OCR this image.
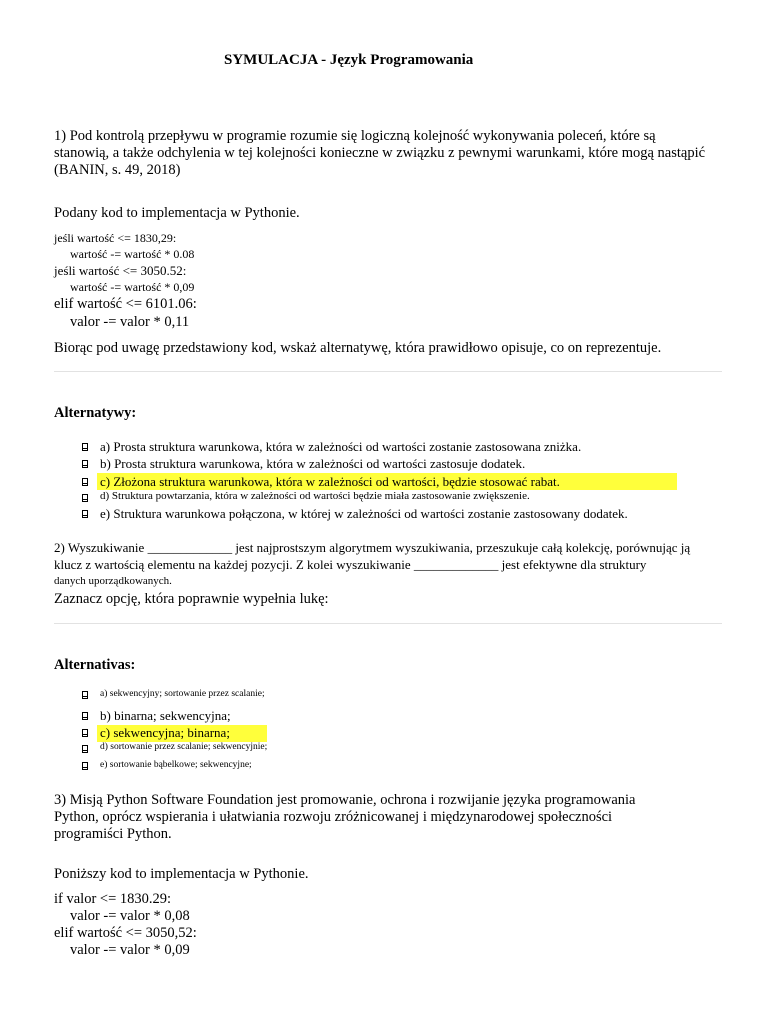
SYMULACJA - Język Programowania
1) Pod kontrolą przepływu w programie rozumie się logiczną kolejność wykonywania poleceń, które są
stanowią, a także odchylenia w tej kolejności konieczne w związku z pewnymi warunkami, które mogą nastąpić
(BANIN, s. 49, 2018)
Podany kod to implementacja w Pythonie.
jeśli wartość <= 1830,29:
wartość -= wartość * 0.08
jeśli wartość <= 3050.52:
wartość -= wartość * 0,09
elif wartość <= 6101.06:
valor -= valor * 0,11
Biorąc pod uwagę przedstawiony kod, wskaż alternatywę, która prawidłowo opisuje, co on reprezentuje.
Alternatywy:
a) Prosta struktura warunkowa, która w zależności od wartości zostanie zastosowana zniżka.
b) Prosta struktura warunkowa, która w zależności od wartości zastosuje dodatek.
c) Złożona struktura warunkowa, która w zależności od wartości, będzie stosować rabat.
d) Struktura powtarzania, która w zależności od wartości będzie miała zastosowanie zwiększenie.
e) Struktura warunkowa połączona, w której w zależności od wartości zostanie zastosowany dodatek.
2) Wyszukiwanie _____________ jest najprostszym algorytmem wyszukiwania, przeszukuje całą kolekcję, porównując ją
klucz z wartością elementu na każdej pozycji. Z kolei wyszukiwanie _____________ jest efektywne dla struktury
danych uporządkowanych.
Zaznacz opcję, która poprawnie wypełnia lukę:
Alternativas:
a) sekwencyjny; sortowanie przez scalanie;
b) binarna; sekwencyjna;
c) sekwencyjna; binarna;
d) sortowanie przez scalanie; sekwencyjnie;
e) sortowanie bąbelkowe; sekwencyjne;
3) Misją Python Software Foundation jest promowanie, ochrona i rozwijanie języka programowania
Python, oprócz wspierania i ułatwiania rozwoju zróżnicowanej i międzynarodowej społeczności
programiści Python.
Poniższy kod to implementacja w Pythonie.
if valor <= 1830.29:
valor -= valor * 0,08
elif wartość <= 3050,52:
valor -= valor * 0,09
